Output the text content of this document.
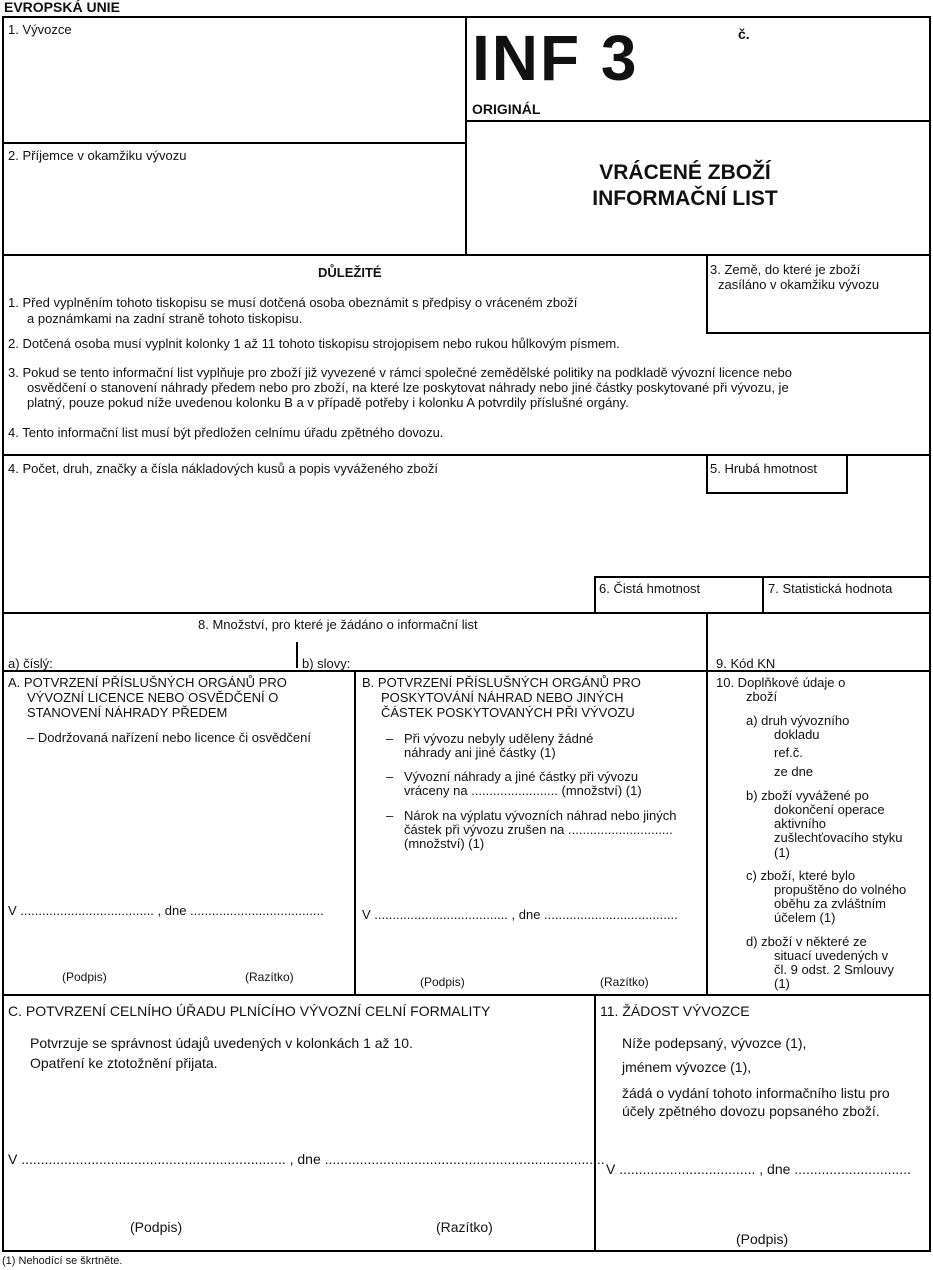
EVROPSKÁ UNIE
1. Vývozce
2. Příjemce v okamžiku vývozu
INF 3	č.
ORIGINÁL
VRÁCENÉ ZBOŽÍ
INFORMAČNÍ LIST
3. Země, do které je zboží
zasíláno v okamžiku vývozu
DŮLEŽITÉ
1. Před vyplněním tohoto tiskopisu se musí dotčená osoba obeznámit s předpisy o vráceném zboží
a poznámkami na zadní straně tohoto tiskopisu.
2. Dotčená osoba musí vyplnit kolonky 1 až 11 tohoto tiskopisu strojopisem nebo rukou hůlkovým písmem.
3. Pokud se tento informační list vyplňuje pro zboží již vyvezené v rámci společné zemědělské politiky na podkladě vývozní licence nebo
osvědčení o stanovení náhrady předem nebo pro zboží, na které lze poskytovat náhrady nebo jiné částky poskytované při vývozu, je
platný, pouze pokud níže uvedenou kolonku B a v případě potřeby i kolonku A potvrdily příslušné orgány.
4. Tento informační list musí být předložen celnímu úřadu zpětného dovozu.
4. Počet, druh, značky a čísla nákladových kusů a popis vyváženého zboží	5. Hrubá hmotnost
6. Čistá hmotnost	7. Statistická hodnota
8. Množství, pro které je žádáno o informační list
a) číslý:	b) slovy:	9. Kód KN
A. POTVRZENÍ PŘÍSLUŠNÝCH ORGÁNŮ PRO
VÝVOZNÍ LICENCE NEBO OSVĚDČENÍ O
STANOVENÍ NÁHRADY PŘEDEM
– Dodržovaná nařízení nebo licence či osvědčení
V ..................................... , dne .....................................
(Podpis)	(Razítko)
B. POTVRZENÍ PŘÍSLUŠNÝCH ORGÁNŮ PRO
POSKYTOVÁNÍ NÁHRAD NEBO JINÝCH
ČÁSTEK POSKYTOVANÝCH PŘI VÝVOZU
– Při vývozu nebyly uděleny žádné
náhrady ani jiné částky (1)
– Vývozní náhrady a jiné částky při vývozu
vráceny na ........................ (množství) (1)
– Nárok na výplatu vývozních náhrad nebo jiných
částek při vývozu zrušen na .............................
(množství) (1)
V ..................................... , dne .....................................
(Podpis)	(Razítko)
10. Doplňkové údaje o
zboží
a) druh vývozního
dokladu
ref.č.
ze dne
b) zboží vyvážené po
dokončení operace
aktivního
zušlechťovacího styku
(1)
c) zboží, které bylo
propuštěno do volného
oběhu za zvláštním
účelem (1)
d) zboží v některé ze
situací uvedených v
čl. 9 odst. 2 Smlouvy
(1)
C. POTVRZENÍ CELNÍHO ÚŘADU PLNÍCÍHO VÝVOZNÍ CELNÍ FORMALITY
Potvrzuje se správnost údajů uvedených v kolonkách 1 až 10.
Opatření ke ztotožnění přijata.
V .................................................................... , dne ........................................................................
(Podpis)	(Razítko)
11. ŽÁDOST VÝVOZCE
Níže podepsaný, vývozce (1),
jménem vývozce (1),
žádá o vydání tohoto informačního listu pro
účely zpětného dovozu popsaného zboží.
V ................................... , dne ..............................
(Podpis)
(1) Nehodící se škrtněte.
